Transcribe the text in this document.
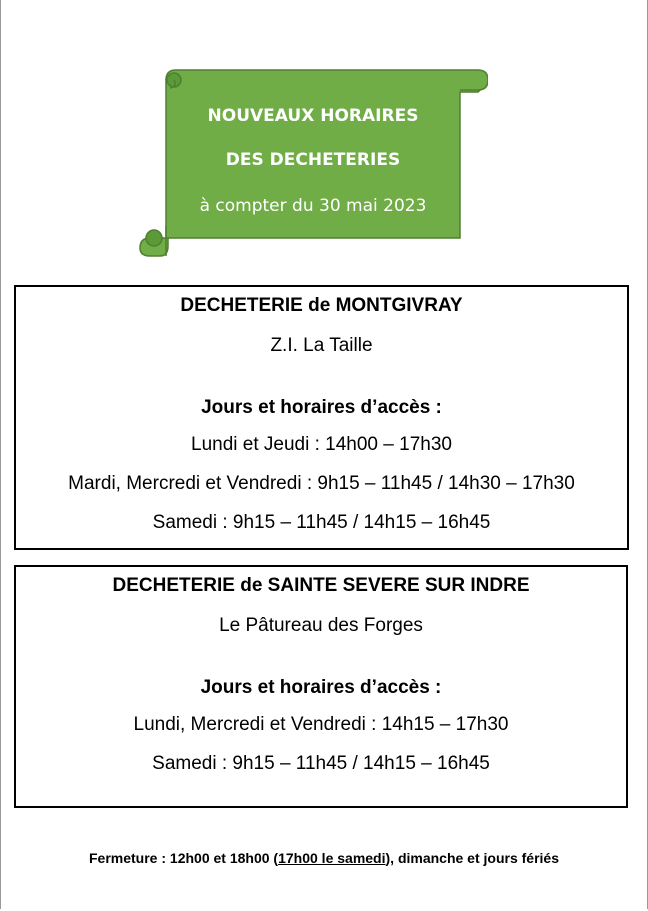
NOUVEAUX HORAIRES
DES DECHETERIES
à compter du 30 mai 2023
DECHETERIE de MONTGIVRAY
Z.I. La Taille
Jours et horaires d’accès :
Lundi et Jeudi : 14h00 – 17h30
Mardi, Mercredi et Vendredi : 9h15 – 11h45 / 14h30 – 17h30
Samedi : 9h15 – 11h45 / 14h15 – 16h45
DECHETERIE de SAINTE SEVERE SUR INDRE
Le Pâtureau des Forges
Jours et horaires d’accès :
Lundi, Mercredi et Vendredi : 14h15 – 17h30
Samedi : 9h15 – 11h45 / 14h15 – 16h45
Fermeture : 12h00 et 18h00 (17h00 le samedi), dimanche et jours fériés
